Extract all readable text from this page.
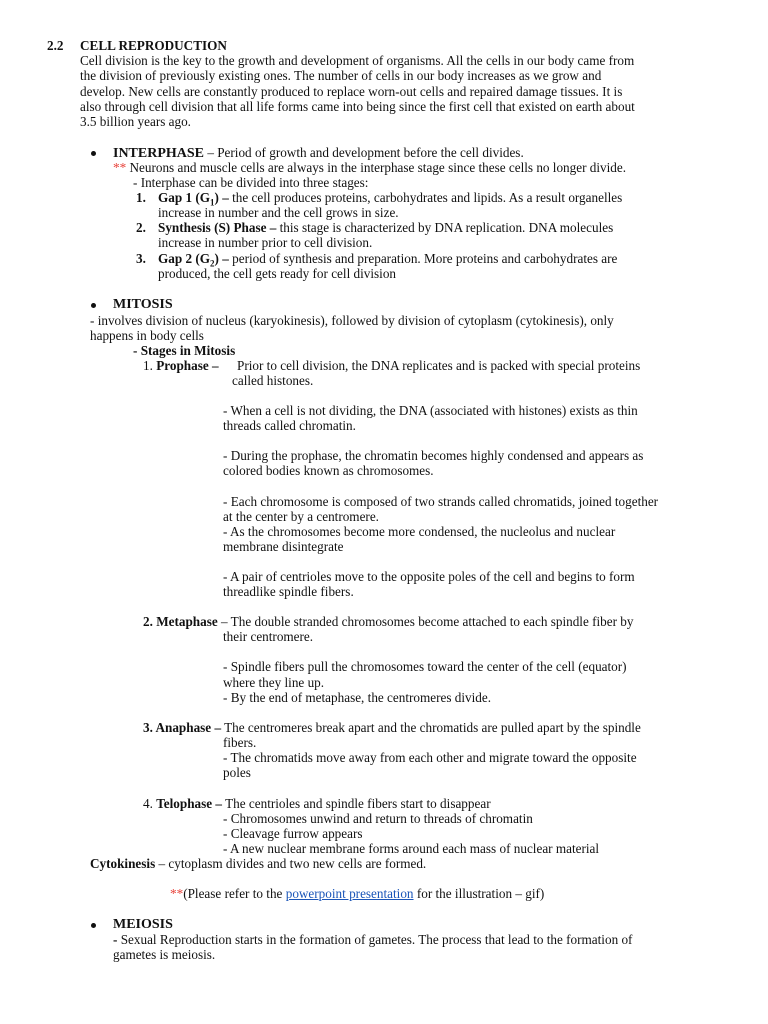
2.2 CELL REPRODUCTION
Cell division is the key to the growth and development of organisms. All the cells in our body came from
the division of previously existing ones. The number of cells in our body increases as we grow and
develop. New cells are constantly produced to replace worn-out cells and repaired damage tissues. It is
also through cell division that all life forms came into being since the first cell that existed on earth about
3.5 billion years ago.
INTERPHASE – Period of growth and development before the cell divides.
** Neurons and muscle cells are always in the interphase stage since these cells no longer divide.
- Interphase can be divided into three stages:
1. Gap 1 $(G_1)$ – the cell produces proteins, carbohydrates and lipids. As a result organelles
increase in number and the cell grows in size.
2. Synthesis (S) Phase – this stage is characterized by DNA replication. DNA molecules
increase in number prior to cell division.
3. Gap 2 $(G_2)$ – period of synthesis and preparation. More proteins and carbohydrates are
produced, the cell gets ready for cell division
MITOSIS
- involves division of nucleus (karyokinesis), followed by division of cytoplasm (cytokinesis), only
happens in body cells
- Stages in Mitosis
1. Prophase – Prior to cell division, the DNA replicates and is packed with special proteins
called histones.
- When a cell is not dividing, the DNA (associated with histones) exists as thin
threads called chromatin.
- During the prophase, the chromatin becomes highly condensed and appears as
colored bodies known as chromosomes.
- Each chromosome is composed of two strands called chromatids, joined together
at the center by a centromere.
- As the chromosomes become more condensed, the nucleolus and nuclear
membrane disintegrate
- A pair of centrioles move to the opposite poles of the cell and begins to form
threadlike spindle fibers.
2. Metaphase – The double stranded chromosomes become attached to each spindle fiber by
their centromere.
- Spindle fibers pull the chromosomes toward the center of the cell (equator)
where they line up.
- By the end of metaphase, the centromeres divide.
3. Anaphase – The centromeres break apart and the chromatids are pulled apart by the spindle
fibers.
- The chromatids move away from each other and migrate toward the opposite
poles
4. Telophase – The centrioles and spindle fibers start to disappear
- Chromosomes unwind and return to threads of chromatin
- Cleavage furrow appears
- A new nuclear membrane forms around each mass of nuclear material
Cytokinesis – cytoplasm divides and two new cells are formed.
**(Please refer to the powerpoint presentation for the illustration – gif)
MEIOSIS
- Sexual Reproduction starts in the formation of gametes. The process that lead to the formation of
gametes is meiosis.
